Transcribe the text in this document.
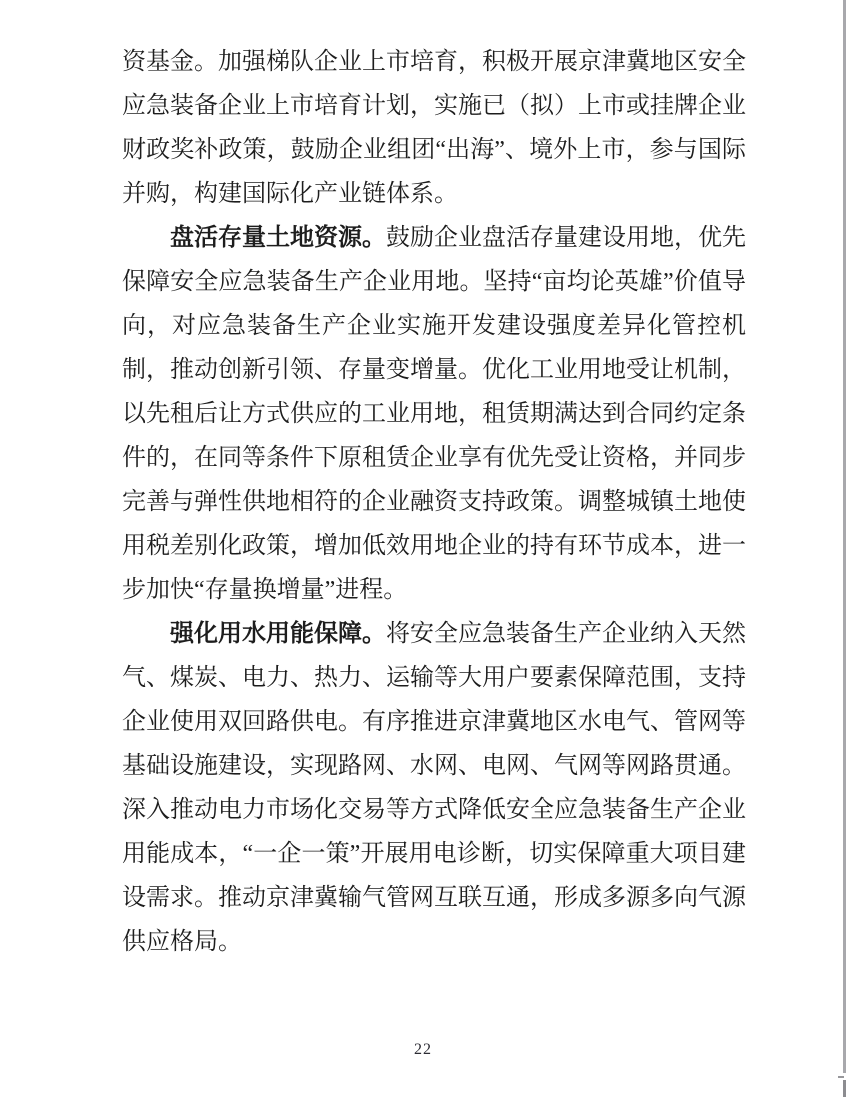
资基金。加强梯队企业上市培育，积极开展京津冀地区安全应急装备企业上市培育计划，实施已（拟）上市或挂牌企业财政奖补政策，鼓励企业组团“出海”、境外上市，参与国际并购，构建国际化产业链体系。

盘活存量土地资源。鼓励企业盘活存量建设用地，优先保障安全应急装备生产企业用地。坚持“亩均论英雄”价值导向，对应急装备生产企业实施开发建设强度差异化管控机制，推动创新引领、存量变增量。优化工业用地受让机制，以先租后让方式供应的工业用地，租赁期满达到合同约定条件的，在同等条件下原租赁企业享有优先受让资格，并同步完善与弹性供地相符的企业融资支持政策。调整城镇土地使用税差别化政策，增加低效用地企业的持有环节成本，进一步加快“存量换增量”进程。

强化用水用能保障。将安全应急装备生产企业纳入天然气、煤炭、电力、热力、运输等大用户要素保障范围，支持企业使用双回路供电。有序推进京津冀地区水电气、管网等基础设施建设，实现路网、水网、电网、气网等网路贯通。深入推动电力市场化交易等方式降低安全应急装备生产企业用能成本，“一企一策”开展用电诊断，切实保障重大项目建设需求。推动京津冀输气管网互联互通，形成多源多向气源供应格局。

22
